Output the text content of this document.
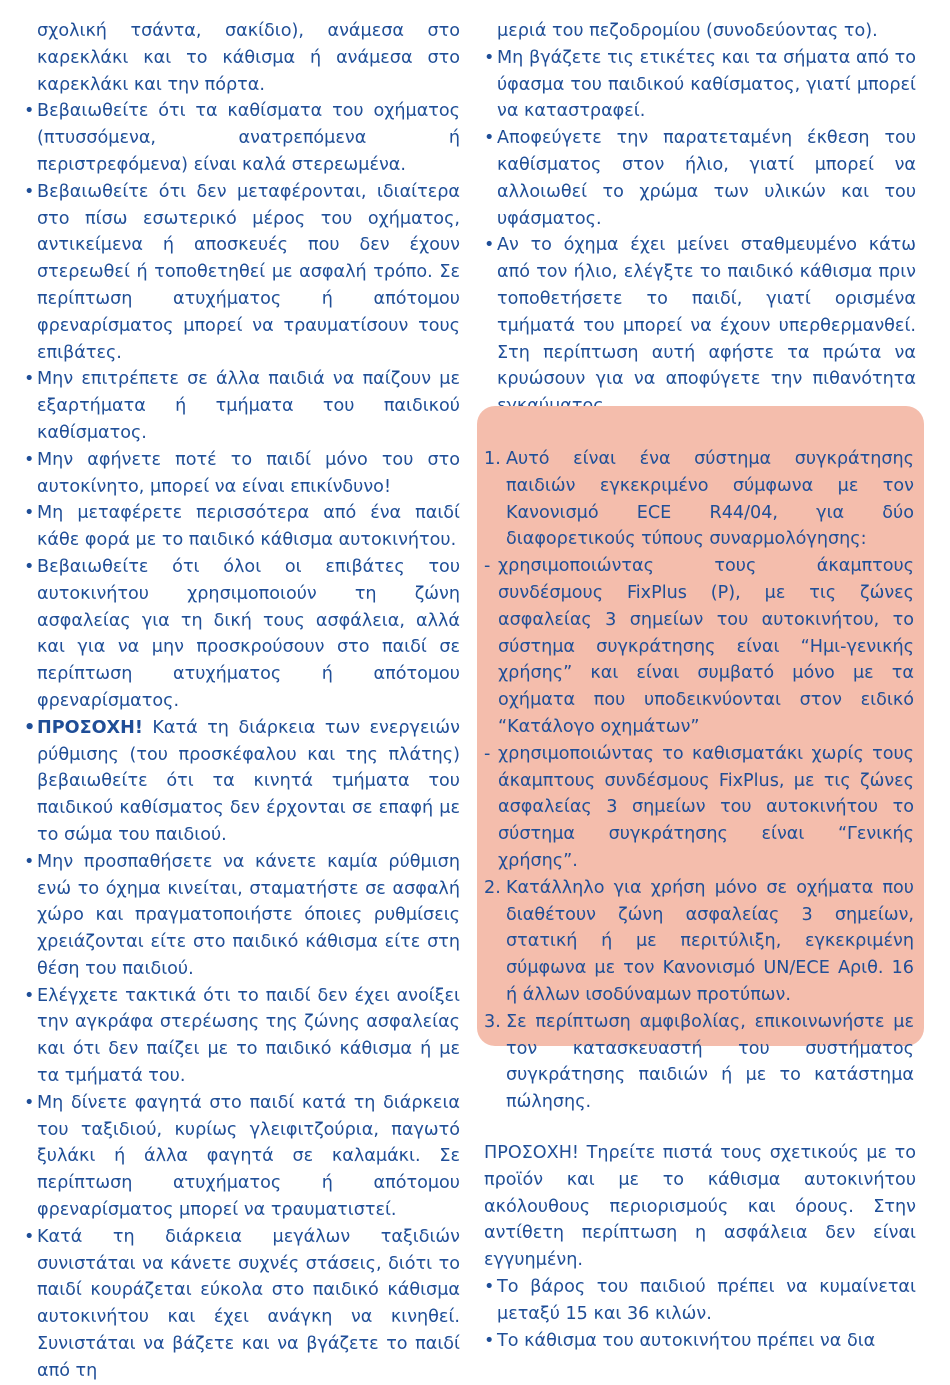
σχολική τσάντα, σακίδιο), ανάμεσα στο καρεκλάκι και το κάθισμα ή ανάμεσα στο καρεκλάκι και την πόρτα.
• Βεβαιωθείτε ότι τα καθίσματα του οχήματος (πτυσσόμενα, ανατρεπόμενα ή περιστρεφόμενα) είναι καλά στερεωμένα.
• Βεβαιωθείτε ότι δεν μεταφέρονται, ιδιαίτερα στο πίσω εσωτερικό μέρος του οχήματος, αντικείμενα ή αποσκευές που δεν έχουν στερεωθεί ή τοποθετηθεί με ασφαλή τρόπο. Σε περίπτωση ατυχήματος ή απότομου φρεναρίσματος μπορεί να τραυματίσουν τους επιβάτες.
• Μην επιτρέπετε σε άλλα παιδιά να παίζουν με εξαρτήματα ή τμήματα του παιδικού καθίσματος.
• Μην αφήνετε ποτέ το παιδί μόνο του στο αυτοκίνητο, μπορεί να είναι επικίνδυνο!
• Μη μεταφέρετε περισσότερα από ένα παιδί κάθε φορά με το παιδικό κάθισμα αυτοκινήτου.
• Βεβαιωθείτε ότι όλοι οι επιβάτες του αυτοκινήτου χρησιμοποιούν τη ζώνη ασφαλείας για τη δική τους ασφάλεια, αλλά και για να μην προσκρούσουν στο παιδί σε περίπτωση ατυχήματος ή απότομου φρεναρίσματος.
• ΠΡΟΣΟΧΗ! Κατά τη διάρκεια των ενεργειών ρύθμισης (του προσκέφαλου και της πλάτης) βεβαιωθείτε ότι τα κινητά τμήματα του παιδικού καθίσματος δεν έρχονται σε επαφή με το σώμα του παιδιού.
• Μην προσπαθήσετε να κάνετε καμία ρύθμιση ενώ το όχημα κινείται, σταματήστε σε ασφαλή χώρο και πραγματοποιήστε όποιες ρυθμίσεις χρειάζονται είτε στο παιδικό κάθισμα είτε στη θέση του παιδιού.
• Ελέγχετε τακτικά ότι το παιδί δεν έχει ανοίξει την αγκράφα στερέωσης της ζώνης ασφαλείας και ότι δεν παίζει με το παιδικό κάθισμα ή με τα τμήματά του.
• Μη δίνετε φαγητά στο παιδί κατά τη διάρκεια του ταξιδιού, κυρίως γλειφιτζούρια, παγωτό ξυλάκι ή άλλα φαγητά σε καλαμάκι. Σε περίπτωση ατυχήματος ή απότομου φρεναρίσματος μπορεί να τραυματιστεί.
• Κατά τη διάρκεια μεγάλων ταξιδιών συνιστάται να κάνετε συχνές στάσεις, διότι το παιδί κουράζεται εύκολα στο παιδικό κάθισμα αυτοκινήτου και έχει ανάγκη να κινηθεί. Συνιστάται να βάζετε και να βγάζετε το παιδί από τη
μεριά του πεζοδρομίου (συνοδεύοντας το).
• Μη βγάζετε τις ετικέτες και τα σήματα από το ύφασμα του παιδικού καθίσματος, γιατί μπορεί να καταστραφεί.
• Αποφεύγετε την παρατεταμένη έκθεση του καθίσματος στον ήλιο, γιατί μπορεί να αλλοιωθεί το χρώμα των υλικών και του υφάσματος.
• Αν το όχημα έχει μείνει σταθμευμένο κάτω από τον ήλιο, ελέγξτε το παιδικό κάθισμα πριν τοποθετήσετε το παιδί, γιατί ορισμένα τμήματά του μπορεί να έχουν υπερθερμανθεί. Στη περίπτωση αυτή αφήστε τα πρώτα να κρυώσουν για να αποφύγετε την πιθανότητα
1. Αυτό είναι ένα σύστημα συγκράτησης παιδιών εγκεκριμένο σύμφωνα με τον Κανονισμό ECE R44/04, για δύο διαφορετικούς τύπους συναρμολόγησης:
- χρησιμοποιώντας τους άκαμπτους συνδέσμους FixPlus (P), με τις ζώνες ασφαλείας 3 σημείων του αυτοκινήτου, το σύστημα συγκράτησης είναι “Ημι-γενικής χρήσης” και είναι συμβατό μόνο με τα οχήματα που υποδεικνύονται στον ειδικό “Κατάλογο οχημάτων”
- χρησιμοποιώντας το καθισματάκι χωρίς τους άκαμπτους συνδέσμους FixPlus, με τις ζώνες ασφαλείας 3 σημείων του αυτοκινήτου το σύστημα συγκράτησης είναι “Γενικής χρήσης”.
2. Κατάλληλο για χρήση μόνο σε οχήματα που διαθέτουν ζώνη ασφαλείας 3 σημείων, στατική ή με περιτύλιξη, εγκεκριμένη σύμφωνα με τον Κανονισμό UN/ECE Αριθ. 16 ή άλλων ισοδύναμων προτύπων.
3. Σε περίπτωση αμφιβολίας, επικοινωνήστε με τον κατασκευαστή του συστήματος συγκράτησης παιδιών ή με το κατάστημα πώλησης.
ΠΡΟΣΟΧΗ! Τηρείτε πιστά τους σχετικούς με το προϊόν και με το κάθισμα αυτοκινήτου ακόλουθους περιορισμούς και όρους. Στην αντίθετη περίπτωση η ασφάλεια δεν είναι εγγυημένη.
• Το βάρος του παιδιού πρέπει να κυμαίνεται μεταξύ 15 και 36 κιλών.
• Το κάθισμα του αυτοκινήτου πρέπει να δια
